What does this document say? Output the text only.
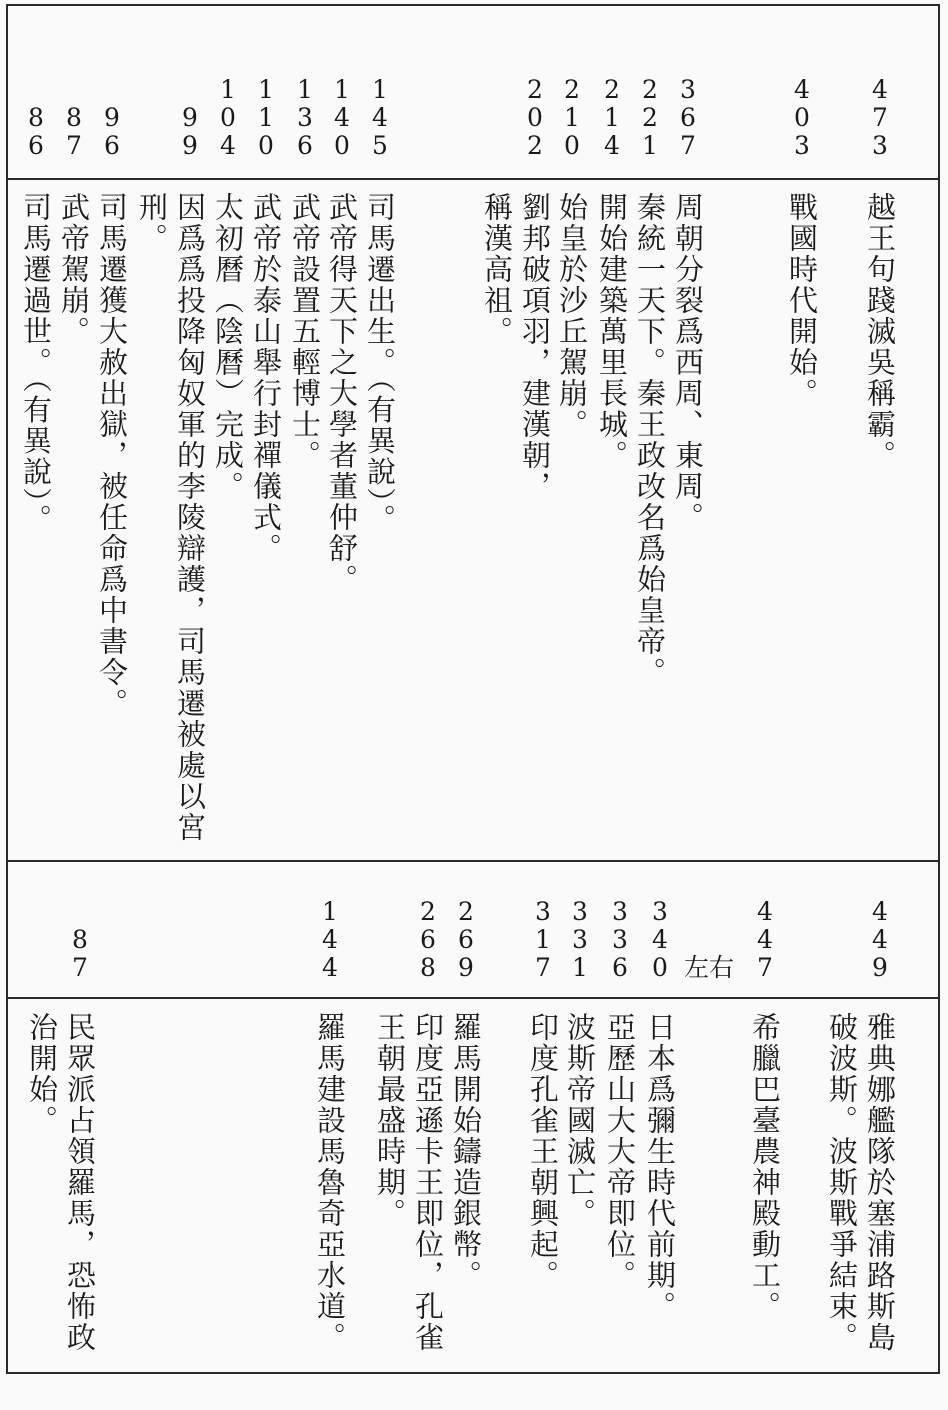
4
7
3
越王句踐滅吳稱霸。
4
0
3
戰國時代開始。
3
6
7
周朝分裂爲西周、東周。
2
2
1
秦統一天下。秦王政改名爲始皇帝。
2
1
4
開始建築萬里長城。
2
1
0
始皇於沙丘駕崩。
2
0
2
劉邦破項羽，建漢朝，
稱漢高祖。
1
4
5
司馬遷出生。（有異說）。
1
4
0
武帝得天下之大學者董仲舒。
1
3
6
武帝設置五輕博士。
1
1
0
武帝於泰山舉行封禪儀式。
1
0
4
太初曆（陰曆）完成。
9
9
因爲爲投降匈奴軍的李陵辯護，司馬遷被處以宮
刑。
9
6
司馬遷獲大赦出獄，被任命爲中書令。
8
7
武帝駕崩。
8
6
司馬遷過世。（有異說）。
4
4
9
雅典娜艦隊於塞浦路斯島
破波斯。波斯戰爭結束。
4
4
7
希臘巴臺農神殿動工。
3
4
0 左右
日本爲彌生時代前期。
3
3
6
亞歷山大大帝即位。
3
3
1
波斯帝國滅亡。
3
1
7
印度孔雀王朝興起。
2
6
9
羅馬開始鑄造銀幣。
2
6
8
印度亞遜卡王即位，孔雀
王朝最盛時期。
1
4
4
羅馬建設馬魯奇亞水道。
8
7
民眾派占領羅馬，恐怖政
治開始。
